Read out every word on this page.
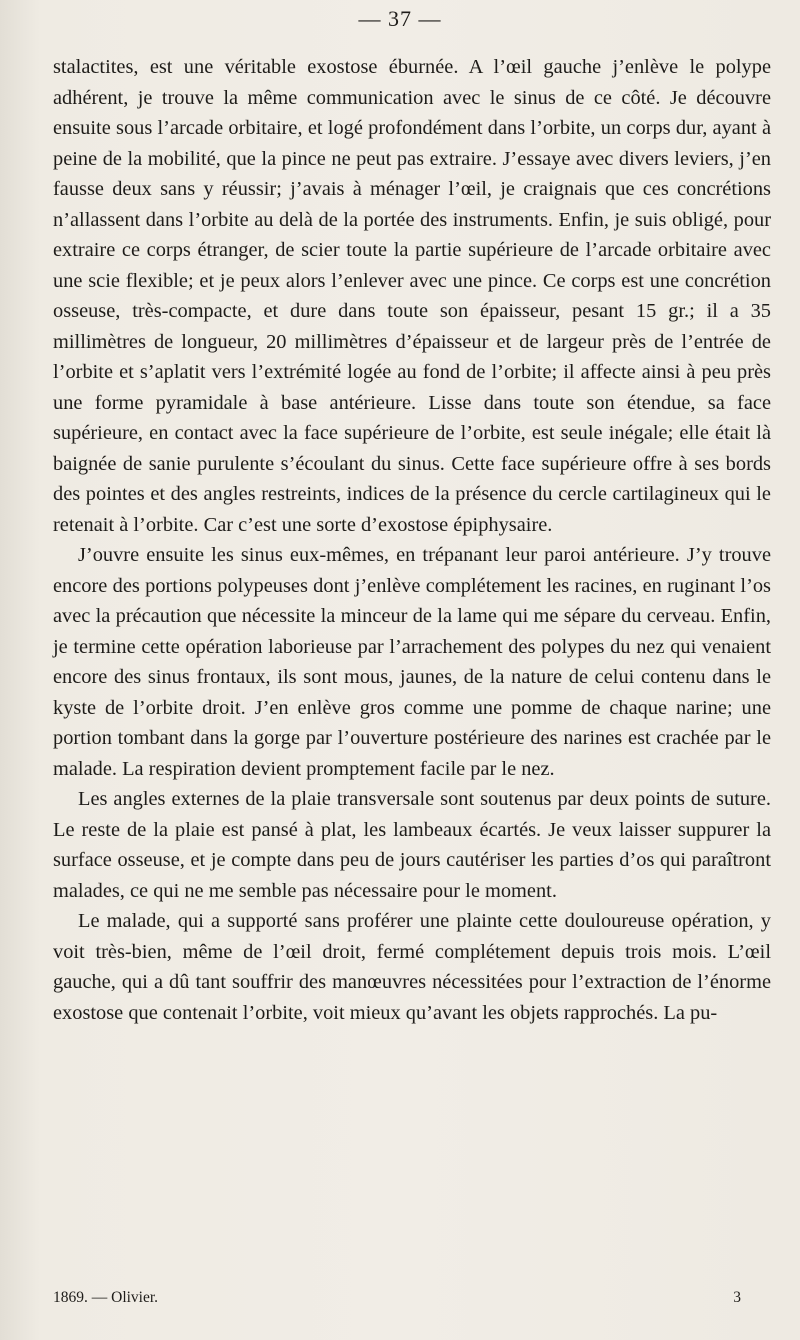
— 37 —

stalactites, est une véritable exostose éburnée. A l’œil gauche j’enlève le polype adhérent, je trouve la même communication avec le sinus de ce côté. Je découvre ensuite sous l’arcade orbitaire, et logé profondément dans l’orbite, un corps dur, ayant à peine de la mobilité, que la pince ne peut pas extraire. J’essaye avec divers leviers, j’en fausse deux sans y réussir; j’avais à ménager l’œil, je craignais que ces concrétions n’allassent dans l’orbite au delà de la portée des instruments. Enfin, je suis obligé, pour extraire ce corps étranger, de scier toute la partie supérieure de l’arcade orbitaire avec une scie flexible; et je peux alors l’enlever avec une pince. Ce corps est une concrétion osseuse, très-compacte, et dure dans toute son épaisseur, pesant 15 gr.; il a 35 millimètres de longueur, 20 millimètres d’épaisseur et de largeur près de l’entrée de l’orbite et s’aplatit vers l’extrémité logée au fond de l’orbite; il affecte ainsi à peu près une forme pyramidale à base antérieure. Lisse dans toute son étendue, sa face supérieure, en contact avec la face supérieure de l’orbite, est seule inégale; elle était là baignée de sanie purulente s’écoulant du sinus. Cette face supérieure offre à ses bords des pointes et des angles restreints, indices de la présence du cercle cartilagineux qui le retenait à l’orbite. Car c’est une sorte d’exostose épiphysaire.

J’ouvre ensuite les sinus eux-mêmes, en trépanant leur paroi antérieure. J’y trouve encore des portions polypeuses dont j’enlève complétement les racines, en ruginant l’os avec la précaution que nécessite la minceur de la lame qui me sépare du cerveau. Enfin, je termine cette opération laborieuse par l’arrachement des polypes du nez qui venaient encore des sinus frontaux, ils sont mous, jaunes, de la nature de celui contenu dans le kyste de l’orbite droit. J’en enlève gros comme une pomme de chaque narine; une portion tombant dans la gorge par l’ouverture postérieure des narines est crachée par le malade. La respiration devient promptement facile par le nez.

Les angles externes de la plaie transversale sont soutenus par deux points de suture. Le reste de la plaie est pansé à plat, les lambeaux écartés. Je veux laisser suppurer la surface osseuse, et je compte dans peu de jours cautériser les parties d’os qui paraîtront malades, ce qui ne me semble pas nécessaire pour le moment.

Le malade, qui a supporté sans proférer une plainte cette douloureuse opération, y voit très-bien, même de l’œil droit, fermé complétement depuis trois mois. L’œil gauche, qui a dû tant souffrir des manœuvres nécessitées pour l’extraction de l’énorme exostose que contenait l’orbite, voit mieux qu’avant les objets rapprochés. La pu-

1869. — Olivier.	3
